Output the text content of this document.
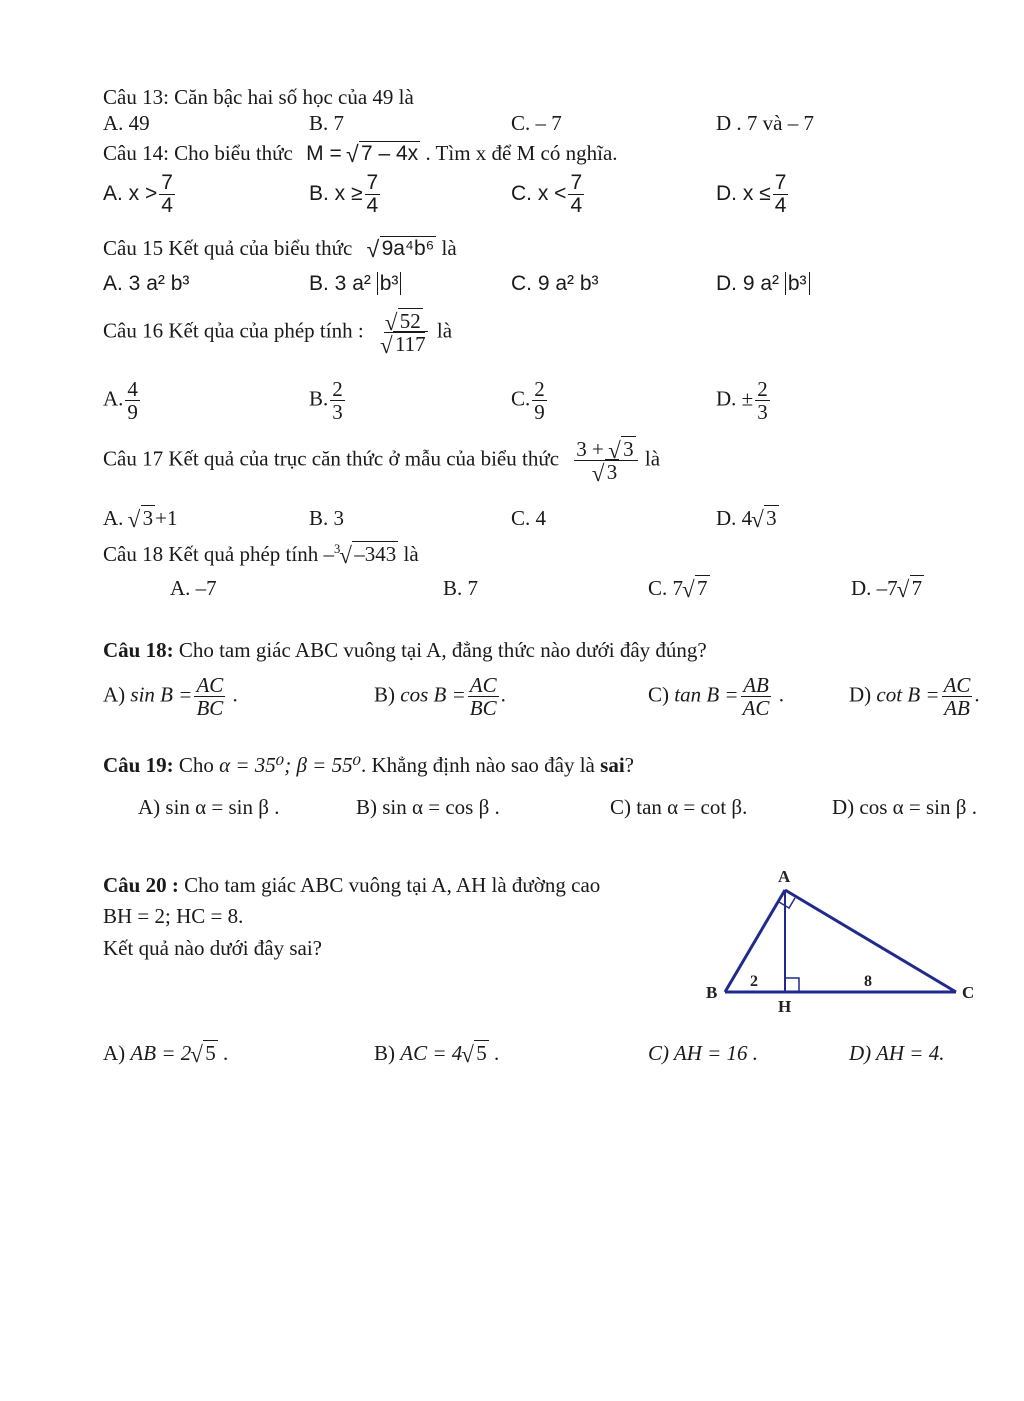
Câu 13: Căn bậc hai số học của 49 là
A. 49	B. 7	C. – 7	D . 7 và – 7
Câu 14: Cho biểu thức M = √ 7 – 4x . Tìm x để M có nghĩa.
A. $x > \frac{7}{4}$	B. $x \ge \frac{7}{4}$	C. $x < \frac{7}{4}$	D. $x \le \frac{7}{4}$
Câu 15 Kết quả của biểu thức √ 9a⁴b⁶ là
A. 3 a² b³	B. 3 a² b³	C. 9 a² b³	D. 9 a² b³
Câu 16 Kết qủa của phép tính : √ 52
√ 117 là
A. $\frac{4}{9}$	B. $\frac{2}{3}$	C. $\frac{2}{9}$	D. ± $\frac{2}{3}$
Câu 17 Kết quả của trục căn thức ở mẫu của biểu thức 3 + √ 3
√ 3 là
A. √ 3+1	B. 3	C. 4	D. 4 √ 3
Câu 18 Kết quả phép tính –$^3$ √ –343 là
A. –7	B. 7	C. 7 √ 7	D. –7 √ 7
Câu 18: Cho tam giác ABC vuông tại A, đẳng thức nào dưới đây đúng?
A) $\sin B = \frac{AC}{BC}$ .	B) $\cos B = \frac{AC}{BC}$ .	C) $\tan B = \frac{AB}{AC}$ .	D) $\cot B = \frac{AC}{AB}$ .
Câu 19: Cho α = 35⁰; β = 55⁰. Khẳng định nào sao đây là sai?
A) sin α = sin β .	B) sin α = cos β .	C) tan α = cot β.	D) cos α = sin β .
Câu 20 : Cho tam giác ABC vuông tại A, AH là đường cao
BH = 2; HC = 8.
Kết quả nào dưới đây sai?
A
B	C
H
2	8
A) AB = 2 √ 5 .	B) AC = 4 √ 5 .	C) AH = 16 .	D) AH = 4.
